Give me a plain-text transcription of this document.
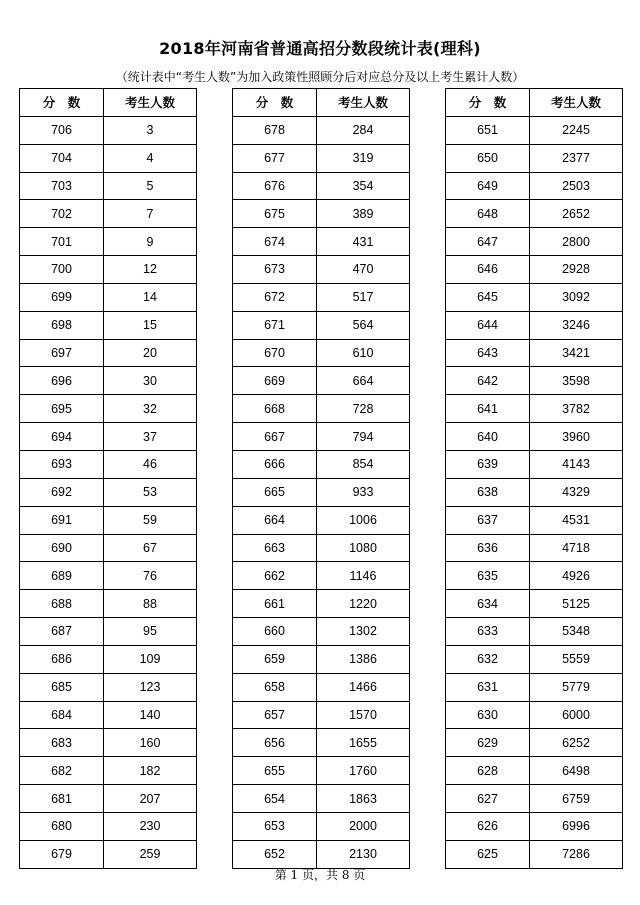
2018年河南省普通高招分数段统计表(理科)
（统计表中“考生人数”为加入政策性照顾分后对应总分及以上考生累计人数）
分　数	考生人数
706	3
704	4
703	5
702	7
701	9
700	12
699	14
698	15
697	20
696	30
695	32
694	37
693	46
692	53
691	59
690	67
689	76
688	88
687	95
686	109
685	123
684	140
683	160
682	182
681	207
680	230
679	259
分　数	考生人数
678	284
677	319
676	354
675	389
674	431
673	470
672	517
671	564
670	610
669	664
668	728
667	794
666	854
665	933
664	1006
663	1080
662	1146
661	1220
660	1302
659	1386
658	1466
657	1570
656	1655
655	1760
654	1863
653	2000
652	2130
分　数	考生人数
651	2245
650	2377
649	2503
648	2652
647	2800
646	2928
645	3092
644	3246
643	3421
642	3598
641	3782
640	3960
639	4143
638	4329
637	4531
636	4718
635	4926
634	5125
633	5348
632	5559
631	5779
630	6000
629	6252
628	6498
627	6759
626	6996
625	7286
第 1 页，共 8 页
